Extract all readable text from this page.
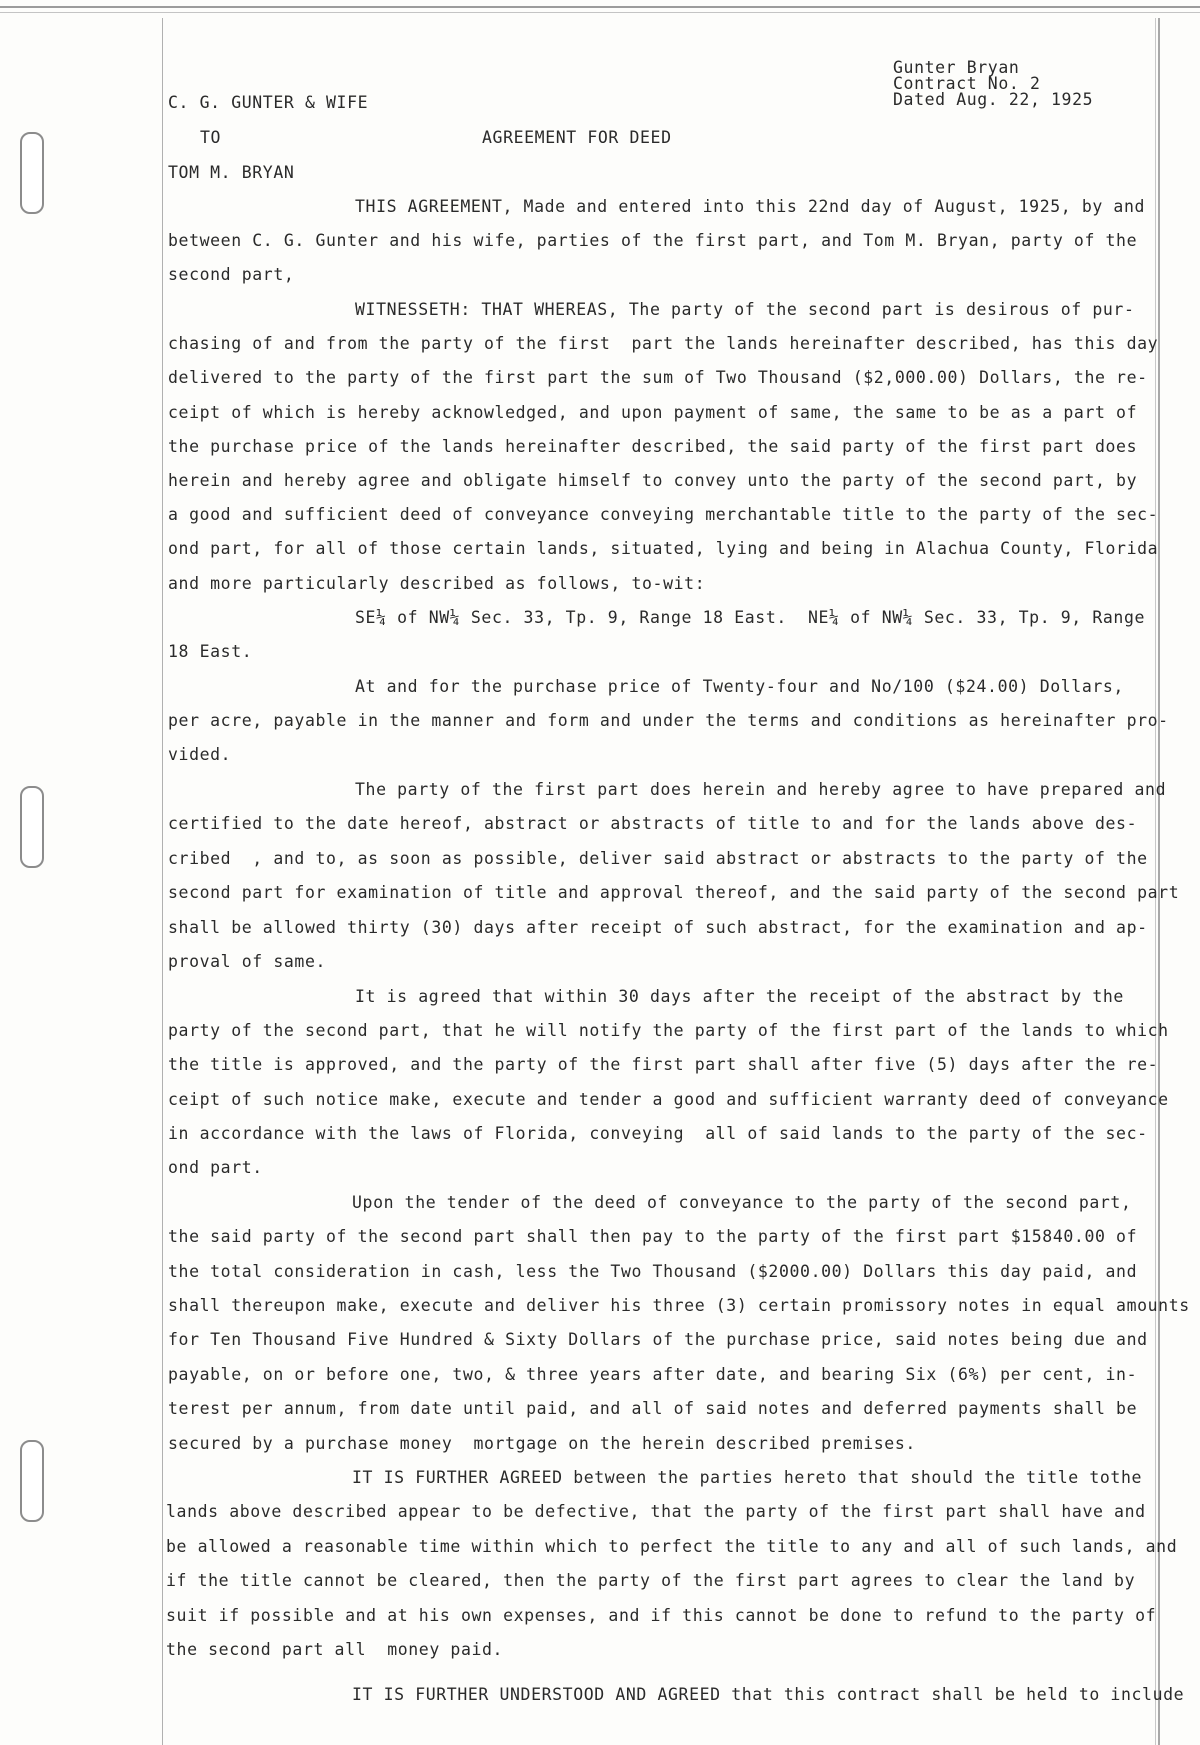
Gunter Bryan
Contract No. 2
Dated Aug. 22, 1925
C. G. GUNTER & WIFE
TO	AGREEMENT FOR DEED
TOM M. BRYAN
THIS AGREEMENT, Made and entered into this 22nd day of August, 1925, by and
between C. G. Gunter and his wife, parties of the first part, and Tom M. Bryan, party of the
second part,
WITNESSETH: THAT WHEREAS, The party of the second part is desirous of pur-
chasing of and from the party of the first  part the lands hereinafter described, has this day
delivered to the party of the first part the sum of Two Thousand ($2,000.00) Dollars, the re-
ceipt of which is hereby acknowledged, and upon payment of same, the same to be as a part of
the purchase price of the lands hereinafter described, the said party of the first part does
herein and hereby agree and obligate himself to convey unto the party of the second part, by
a good and sufficient deed of conveyance conveying merchantable title to the party of the sec-
ond part, for all of those certain lands, situated, lying and being in Alachua County, Florida
and more particularly described as follows, to-wit:
SE¼ of NW¼ Sec. 33, Tp. 9, Range 18 East.  NE¼ of NW¼ Sec. 33, Tp. 9, Range
18 East.
At and for the purchase price of Twenty-four and No/100 ($24.00) Dollars,
per acre, payable in the manner and form and under the terms and conditions as hereinafter pro-
vided.
The party of the first part does herein and hereby agree to have prepared and
certified to the date hereof, abstract or abstracts of title to and for the lands above des-
cribed  , and to, as soon as possible, deliver said abstract or abstracts to the party of the
second part for examination of title and approval thereof, and the said party of the second part
shall be allowed thirty (30) days after receipt of such abstract, for the examination and ap-
proval of same.
It is agreed that within 30 days after the receipt of the abstract by the
party of the second part, that he will notify the party of the first part of the lands to which
the title is approved, and the party of the first part shall after five (5) days after the re-
ceipt of such notice make, execute and tender a good and sufficient warranty deed of conveyance
in accordance with the laws of Florida, conveying  all of said lands to the party of the sec-
ond part.
Upon the tender of the deed of conveyance to the party of the second part,
the said party of the second part shall then pay to the party of the first part $15840.00 of
the total consideration in cash, less the Two Thousand ($2000.00) Dollars this day paid, and
shall thereupon make, execute and deliver his three (3) certain promissory notes in equal amounts
for Ten Thousand Five Hundred & Sixty Dollars of the purchase price, said notes being due and
payable, on or before one, two, & three years after date, and bearing Six (6%) per cent, in-
terest per annum, from date until paid, and all of said notes and deferred payments shall be
secured by a purchase money  mortgage on the herein described premises.
IT IS FURTHER AGREED between the parties hereto that should the title tothe
lands above described appear to be defective, that the party of the first part shall have and
be allowed a reasonable time within which to perfect the title to any and all of such lands, and
if the title cannot be cleared, then the party of the first part agrees to clear the land by
suit if possible and at his own expenses, and if this cannot be done to refund to the party of
the second part all  money paid.
IT IS FURTHER UNDERSTOOD AND AGREED that this contract shall be held to include
